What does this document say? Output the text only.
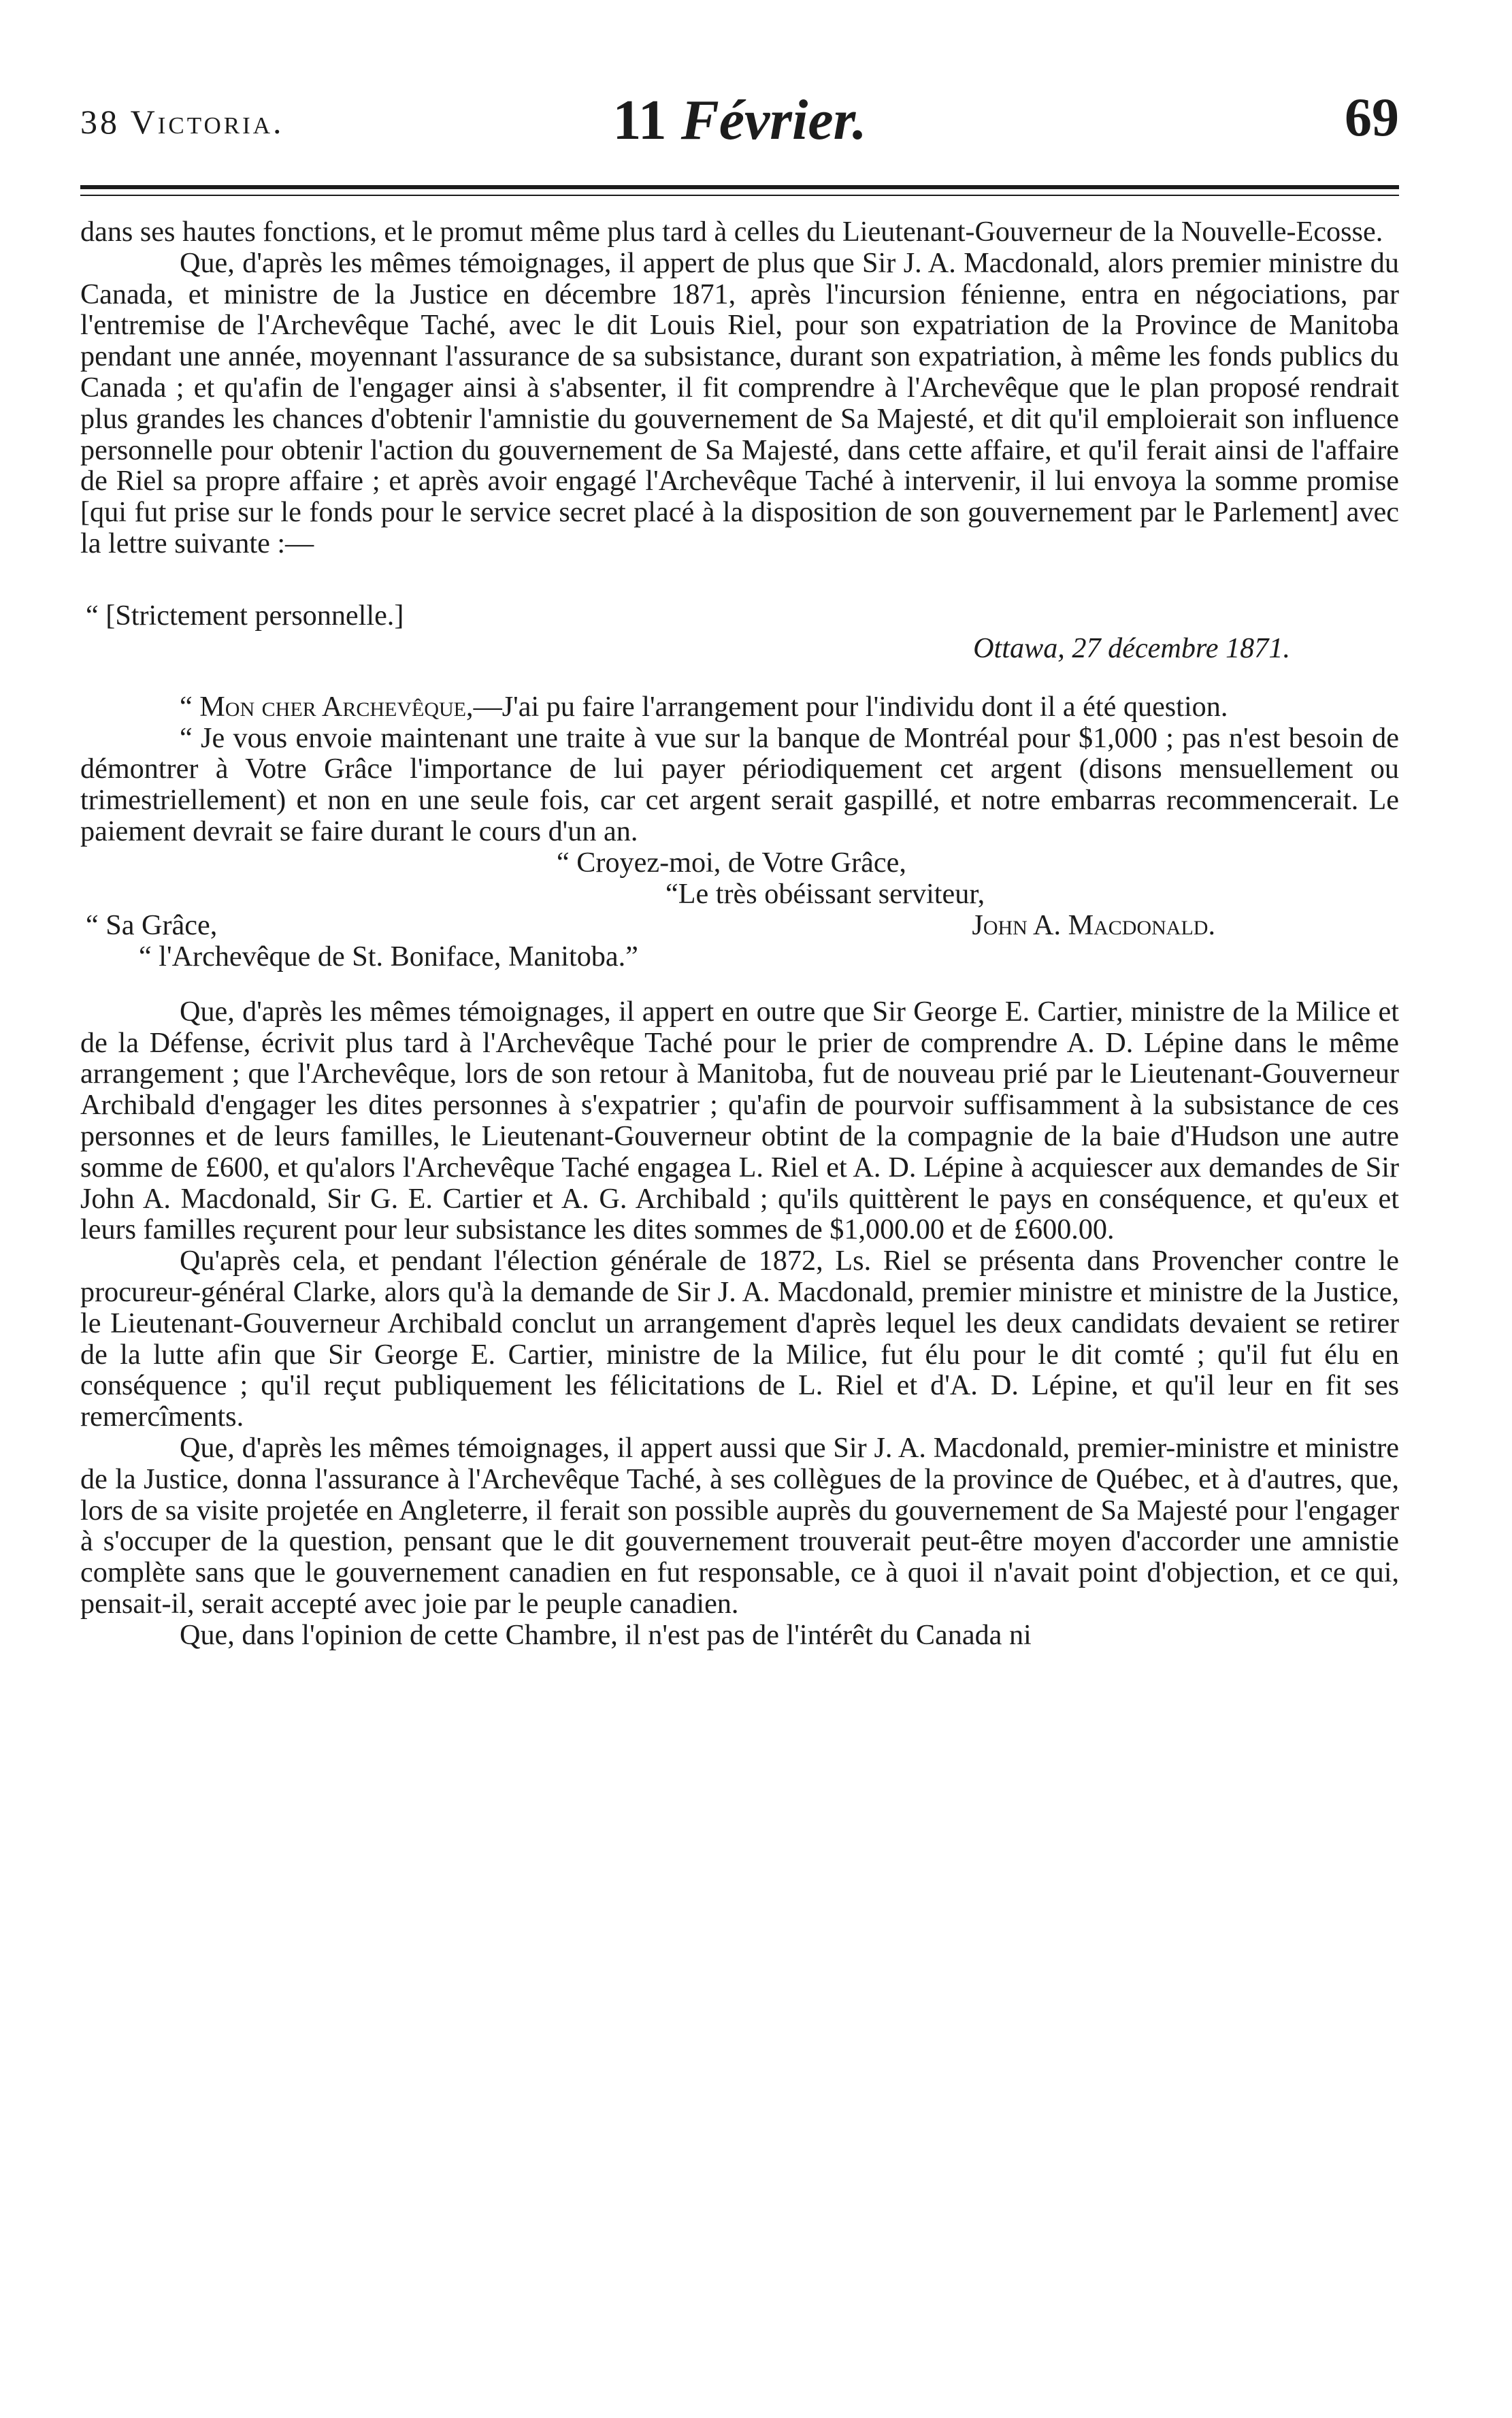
38 Victoria.	11 Février.	69

dans ses hautes fonctions, et le promut même plus tard à celles du Lieutenant-Gouverneur de la Nouvelle-Ecosse.

Que, d'après les mêmes témoignages, il appert de plus que Sir J. A. Macdonald, alors premier ministre du Canada, et ministre de la Justice en décembre 1871, après l'incursion fénienne, entra en négociations, par l'entremise de l'Archevêque Taché, avec le dit Louis Riel, pour son expatriation de la Province de Manitoba pendant une année, moyennant l'assurance de sa subsistance, durant son expatriation, à même les fonds publics du Canada ; et qu'afin de l'engager ainsi à s'absenter, il fit comprendre à l'Archevêque que le plan proposé rendrait plus grandes les chances d'obtenir l'amnistie du gouvernement de Sa Majesté, et dit qu'il emploierait son influence personnelle pour obtenir l'action du gouvernement de Sa Majesté, dans cette affaire, et qu'il ferait ainsi de l'affaire de Riel sa propre affaire ; et après avoir engagé l'Archevêque Taché à intervenir, il lui envoya la somme promise [qui fut prise sur le fonds pour le service secret placé à la disposition de son gouvernement par le Parlement] avec la lettre suivante :—

“ [Strictement personnelle.]
Ottawa, 27 décembre 1871.

“ Mon cher Archevêque,—J'ai pu faire l'arrangement pour l'individu dont il a été question.

“ Je vous envoie maintenant une traite à vue sur la banque de Montréal pour $1,000 ; pas n'est besoin de démontrer à Votre Grâce l'importance de lui payer périodiquement cet argent (disons mensuellement ou trimestriellement) et non en une seule fois, car cet argent serait gaspillé, et notre embarras recommencerait. Le paiement devrait se faire durant le cours d'un an.

“ Croyez-moi, de Votre Grâce,
“Le très obéissant serviteur,
“ Sa Grâce,	John A. Macdonald.
“ l'Archevêque de St. Boniface, Manitoba.”

Que, d'après les mêmes témoignages, il appert en outre que Sir George E. Cartier, ministre de la Milice et de la Défense, écrivit plus tard à l'Archevêque Taché pour le prier de comprendre A. D. Lépine dans le même arrangement ; que l'Archevêque, lors de son retour à Manitoba, fut de nouveau prié par le Lieutenant-Gouverneur Archibald d'engager les dites personnes à s'expatrier ; qu'afin de pourvoir suffisamment à la subsistance de ces personnes et de leurs familles, le Lieutenant-Gouverneur obtint de la compagnie de la baie d'Hudson une autre somme de £600, et qu'alors l'Archevêque Taché engagea L. Riel et A. D. Lépine à acquiescer aux demandes de Sir John A. Macdonald, Sir G. E. Cartier et A. G. Archibald ; qu'ils quittèrent le pays en conséquence, et qu'eux et leurs familles reçurent pour leur subsistance les dites sommes de $1,000.00 et de £600.00.

Qu'après cela, et pendant l'élection générale de 1872, Ls. Riel se présenta dans Provencher contre le procureur-général Clarke, alors qu'à la demande de Sir J. A. Macdonald, premier ministre et ministre de la Justice, le Lieutenant-Gouverneur Archibald conclut un arrangement d'après lequel les deux candidats devaient se retirer de la lutte afin que Sir George E. Cartier, ministre de la Milice, fut élu pour le dit comté ; qu'il fut élu en conséquence ; qu'il reçut publiquement les félicitations de L. Riel et d'A. D. Lépine, et qu'il leur en fit ses remercîments.

Que, d'après les mêmes témoignages, il appert aussi que Sir J. A. Macdonald, premier-ministre et ministre de la Justice, donna l'assurance à l'Archevêque Taché, à ses collègues de la province de Québec, et à d'autres, que, lors de sa visite projetée en Angleterre, il ferait son possible auprès du gouvernement de Sa Majesté pour l'engager à s'occuper de la question, pensant que le dit gouvernement trouverait peut-être moyen d'accorder une amnistie complète sans que le gouvernement canadien en fut responsable, ce à quoi il n'avait point d'objection, et ce qui, pensait-il, serait accepté avec joie par le peuple canadien.

Que, dans l'opinion de cette Chambre, il n'est pas de l'intérêt du Canada ni
